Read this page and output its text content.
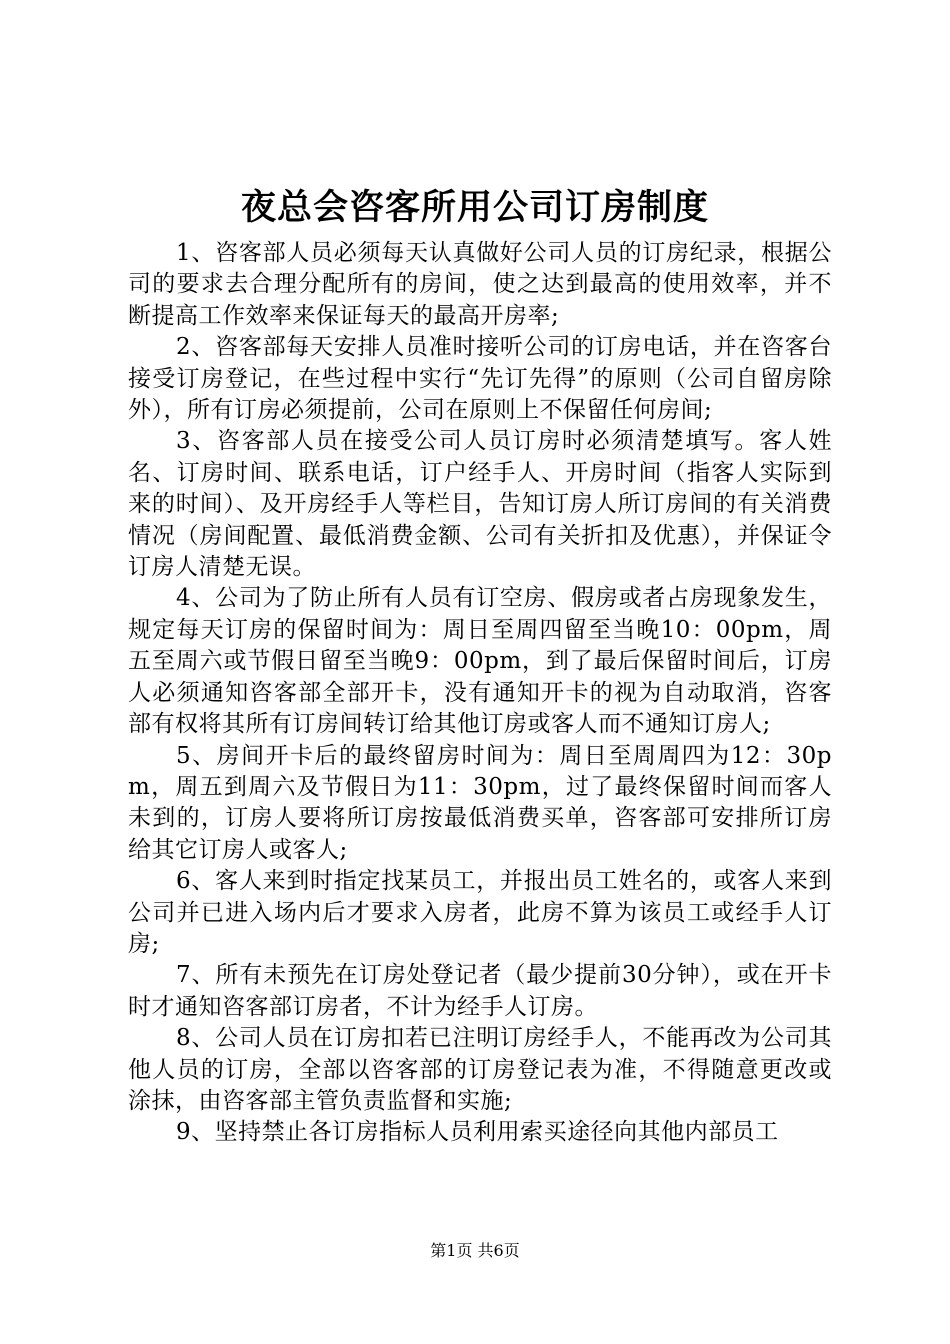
夜总会咨客所用公司订房制度

1、咨客部人员必须每天认真做好公司人员的订房纪录，根据公司的要求去合理分配所有的房间，使之达到最高的使用效率，并不断提高工作效率来保证每天的最高开房率;

2、咨客部每天安排人员准时接听公司的订房电话，并在咨客台接受订房登记，在些过程中实行“先订先得”的原则（公司自留房除外），所有订房必须提前，公司在原则上不保留任何房间;

3、咨客部人员在接受公司人员订房时必须清楚填写。客人姓名、订房时间、联系电话，订户经手人、开房时间（指客人实际到来的时间）、及开房经手人等栏目，告知订房人所订房间的有关消费情况（房间配置、最低消费金额、公司有关折扣及优惠），并保证令订房人清楚无误。

4、公司为了防止所有人员有订空房、假房或者占房现象发生，规定每天订房的保留时间为：周日至周四留至当晚10：00pm，周五至周六或节假日留至当晚9：00pm，到了最后保留时间后，订房人必须通知咨客部全部开卡，没有通知开卡的视为自动取消，咨客部有权将其所有订房间转订给其他订房或客人而不通知订房人;

5、房间开卡后的最终留房时间为：周日至周周四为12：30pm，周五到周六及节假日为11：30pm，过了最终保留时间而客人未到的，订房人要将所订房按最低消费买单，咨客部可安排所订房给其它订房人或客人;

6、客人来到时指定找某员工，并报出员工姓名的，或客人来到公司并已进入场内后才要求入房者，此房不算为该员工或经手人订房;

7、所有未预先在订房处登记者（最少提前30分钟），或在开卡时才通知咨客部订房者，不计为经手人订房。

8、公司人员在订房扣若已注明订房经手人，不能再改为公司其他人员的订房，全部以咨客部的订房登记表为准，不得随意更改或涂抹，由咨客部主管负责监督和实施;

9、坚持禁止各订房指标人员利用索买途径向其他内部员工

第1页 共6页
